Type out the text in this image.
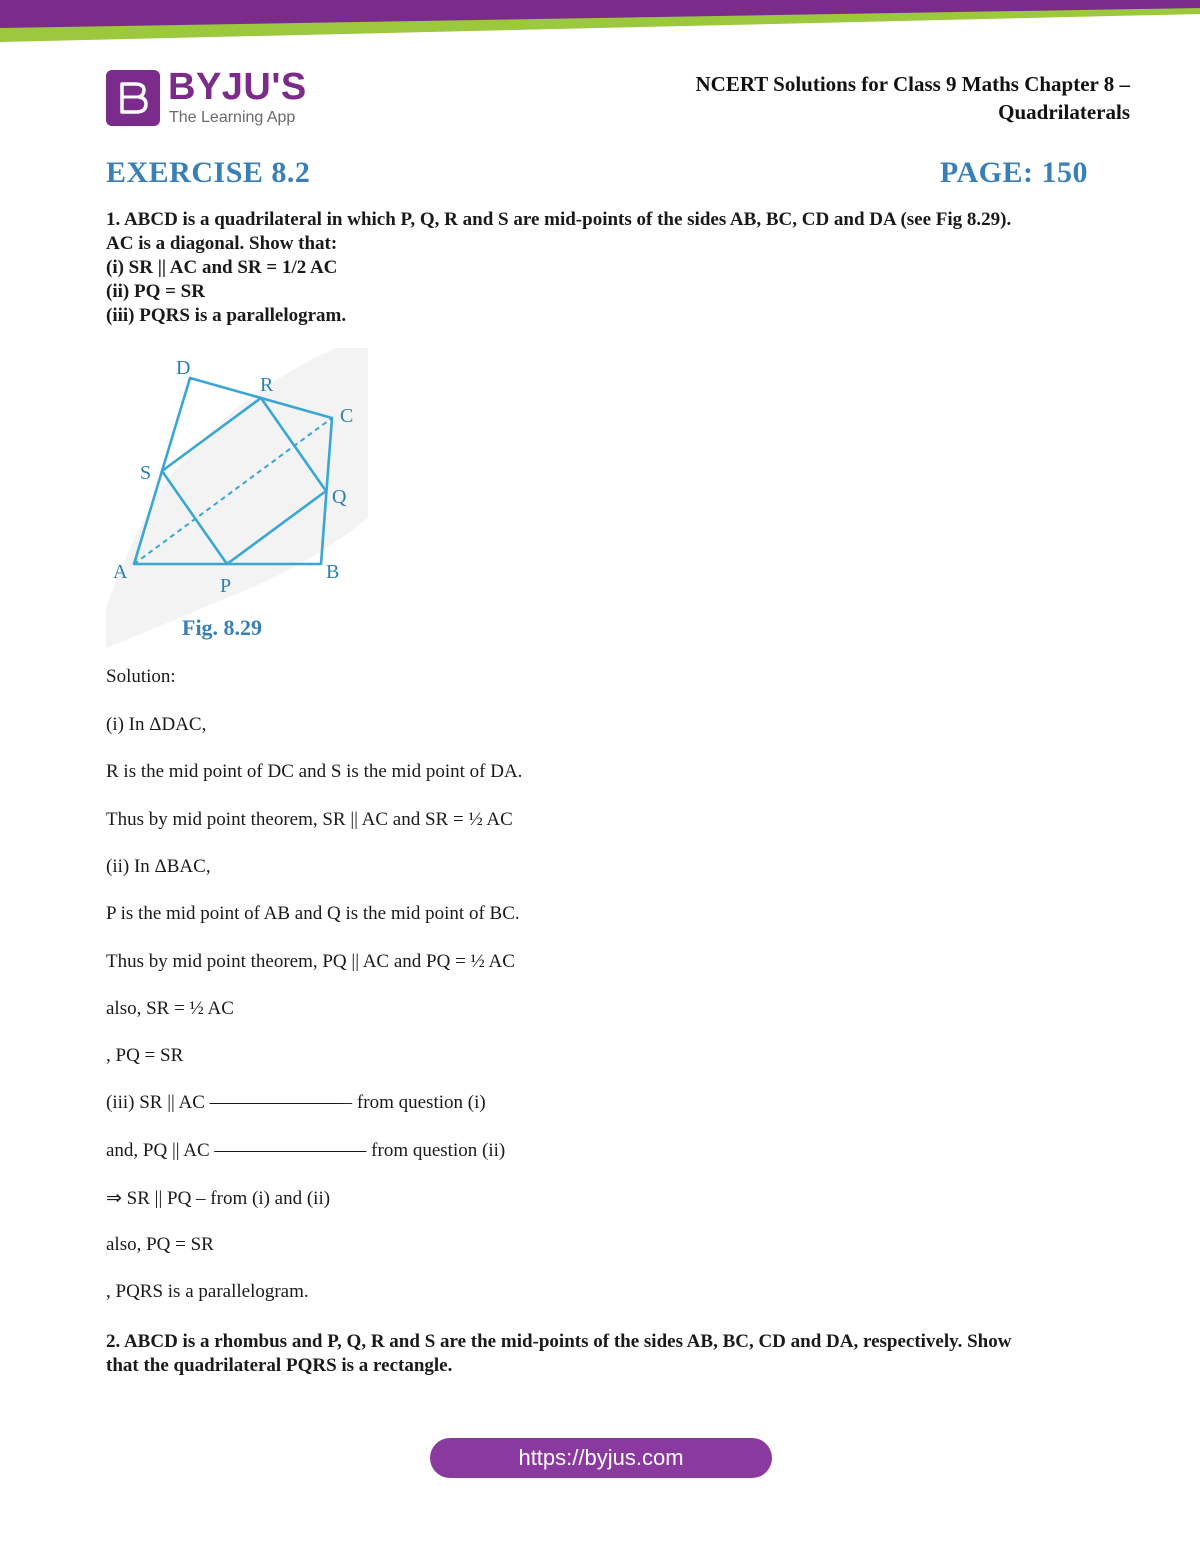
BYJU'S
The Learning App
NCERT Solutions for Class 9 Maths Chapter 8 –
Quadrilaterals
EXERCISE 8.2	PAGE: 150
1. ABCD is a quadrilateral in which P, Q, R and S are mid-points of the sides AB, BC, CD and DA (see Fig 8.29).
AC is a diagonal. Show that:
(i) SR || AC and SR = 1/2 AC
(ii) PQ = SR
(iii) PQRS is a parallelogram.
D
R
C
S
Q
A
P
B
Fig. 8.29
Solution:
(i) In ΔDAC,
R is the mid point of DC and S is the mid point of DA.
Thus by mid point theorem, SR || AC and SR = ½ AC
(ii) In ΔBAC,
P is the mid point of AB and Q is the mid point of BC.
Thus by mid point theorem, PQ || AC and PQ = ½ AC
also, SR = ½ AC
, PQ = SR
(iii) SR || AC ———————– from question (i)
and, PQ || AC ———————— from question (ii)
⇒ SR || PQ – from (i) and (ii)
also, PQ = SR
, PQRS is a parallelogram.
2. ABCD is a rhombus and P, Q, R and S are the mid-points of the sides AB, BC, CD and DA, respectively. Show
that the quadrilateral PQRS is a rectangle.
https://byjus.com
